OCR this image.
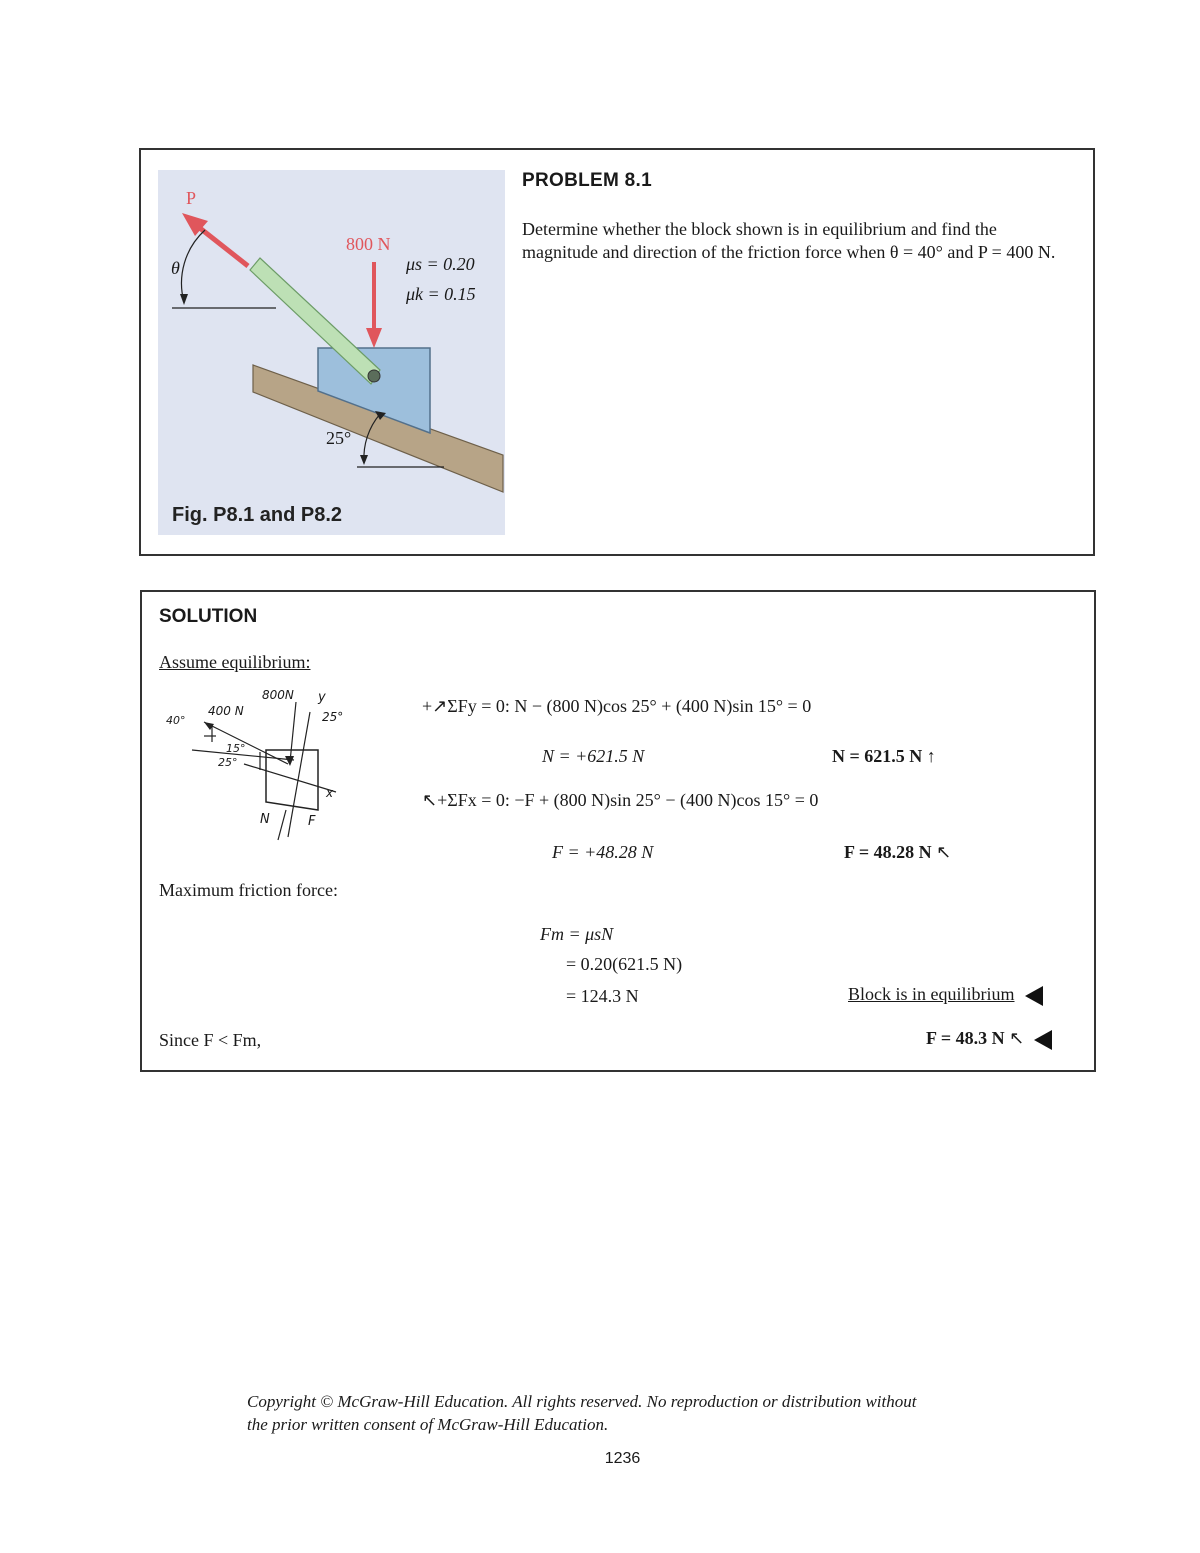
P
θ
800 N
μs = 0.20
μk = 0.15
25°
Fig. P8.1 and P8.2
PROBLEM 8.1
Determine whether the block shown is in equilibrium and find the magnitude and direction of the friction force when θ = 40° and P = 400 N.
SOLUTION
Assume equilibrium:
800N y
25°
40°
400 N
15°
25°
x
N	F
+↗ΣFy = 0: N − (800 N)cos 25° + (400 N)sin 15° = 0
N = +621.5 N	N = 621.5 N ↑
↖+ΣFx = 0: −F + (800 N)sin 25° − (400 N)cos 15° = 0
F = +48.28 N	F = 48.28 N ↖
Maximum friction force:
Fm = μsN
= 0.20(621.5 N)
= 124.3 N	Block is in equilibrium
Since F < Fm,	F = 48.3 N ↖
Copyright © McGraw-Hill Education. All rights reserved. No reproduction or distribution without
the prior written consent of McGraw-Hill Education.
1236
